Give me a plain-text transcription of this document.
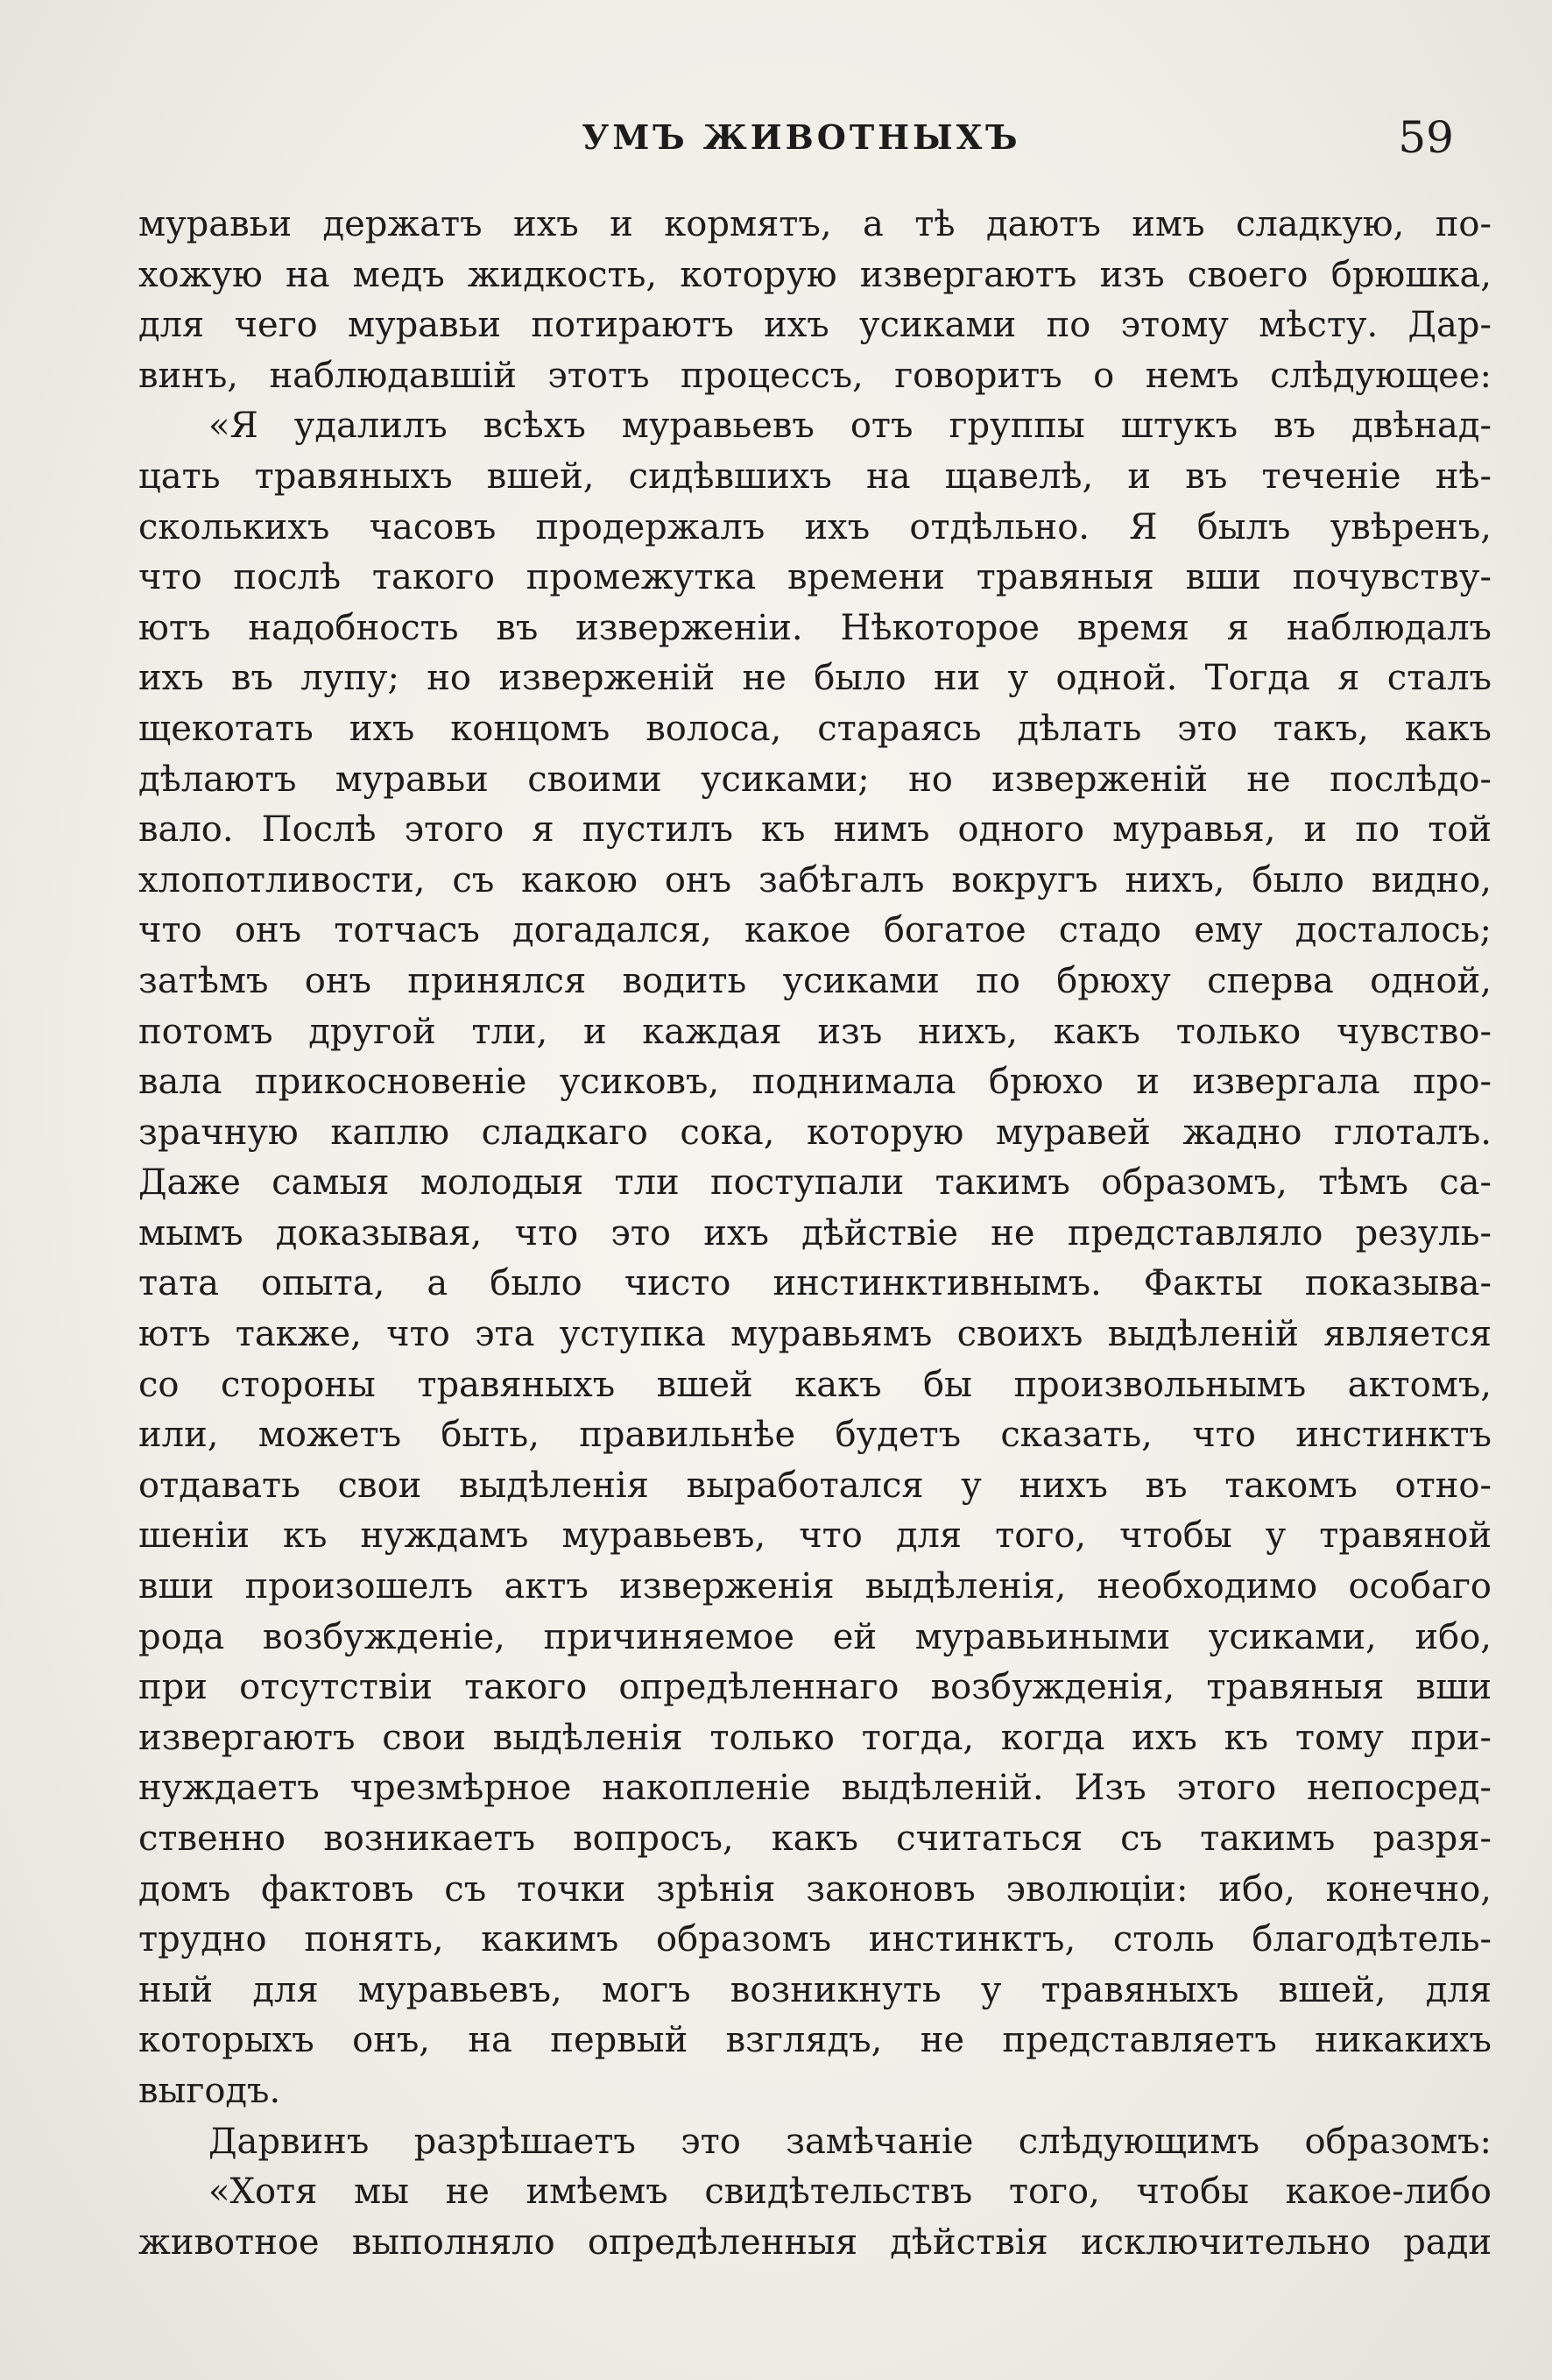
УМЪ ЖИВОТНЫХЪ	59
муравьи держатъ ихъ и кормятъ, а тѣ даютъ имъ сладкую, по-
хожую на медъ жидкость, которую извергаютъ изъ своего брюшка,
для чего муравьи потираютъ ихъ усиками по этому мѣсту. Дар-
винъ, наблюдавшій этотъ процессъ, говоритъ о немъ слѣдующее:
«Я удалилъ всѣхъ муравьевъ отъ группы штукъ въ двѣнад-
цать травяныхъ вшей, сидѣвшихъ на щавелѣ, и въ теченіе нѣ-
сколькихъ часовъ продержалъ ихъ отдѣльно. Я былъ увѣренъ,
что послѣ такого промежутка времени травяныя вши почувству-
ютъ надобность въ изверженіи. Нѣкоторое время я наблюдалъ
ихъ въ лупу; но изверженій не было ни у одной. Тогда я сталъ
щекотать ихъ концомъ волоса, стараясь дѣлать это такъ, какъ
дѣлаютъ муравьи своими усиками; но изверженій не послѣдо-
вало. Послѣ этого я пустилъ къ нимъ одного муравья, и по той
хлопотливости, съ какою онъ забѣгалъ вокругъ нихъ, было видно,
что онъ тотчасъ догадался, какое богатое стадо ему досталось;
затѣмъ онъ принялся водить усиками по брюху сперва одной,
потомъ другой тли, и каждая изъ нихъ, какъ только чувство-
вала прикосновеніе усиковъ, поднимала брюхо и извергала про-
зрачную каплю сладкаго сока, которую муравей жадно глоталъ.
Даже самыя молодыя тли поступали такимъ образомъ, тѣмъ са-
мымъ доказывая, что это ихъ дѣйствіе не представляло резуль-
тата опыта, а было чисто инстинктивнымъ. Факты показыва-
ютъ также, что эта уступка муравьямъ своихъ выдѣленій является
со стороны травяныхъ вшей какъ бы произвольнымъ актомъ,
или, можетъ быть, правильнѣе будетъ сказать, что инстинктъ
отдавать свои выдѣленія выработался у нихъ въ такомъ отно-
шеніи къ нуждамъ муравьевъ, что для того, чтобы у травяной
вши произошелъ актъ изверженія выдѣленія, необходимо особаго
рода возбужденіе, причиняемое ей муравьиными усиками, ибо,
при отсутствіи такого опредѣленнаго возбужденія, травяныя вши
извергаютъ свои выдѣленія только тогда, когда ихъ къ тому при-
нуждаетъ чрезмѣрное накопленіе выдѣленій. Изъ этого непосред-
ственно возникаетъ вопросъ, какъ считаться съ такимъ разря-
домъ фактовъ съ точки зрѣнія законовъ эволюціи: ибо, конечно,
трудно понять, какимъ образомъ инстинктъ, столь благодѣтель-
ный для муравьевъ, могъ возникнуть у травяныхъ вшей, для
которыхъ онъ, на первый взглядъ, не представляетъ никакихъ
выгодъ.
Дарвинъ разрѣшаетъ это замѣчаніе слѣдующимъ образомъ:
«Хотя мы не имѣемъ свидѣтельствъ того, чтобы какое-либо
животное выполняло опредѣленныя дѣйствія исключительно ради
